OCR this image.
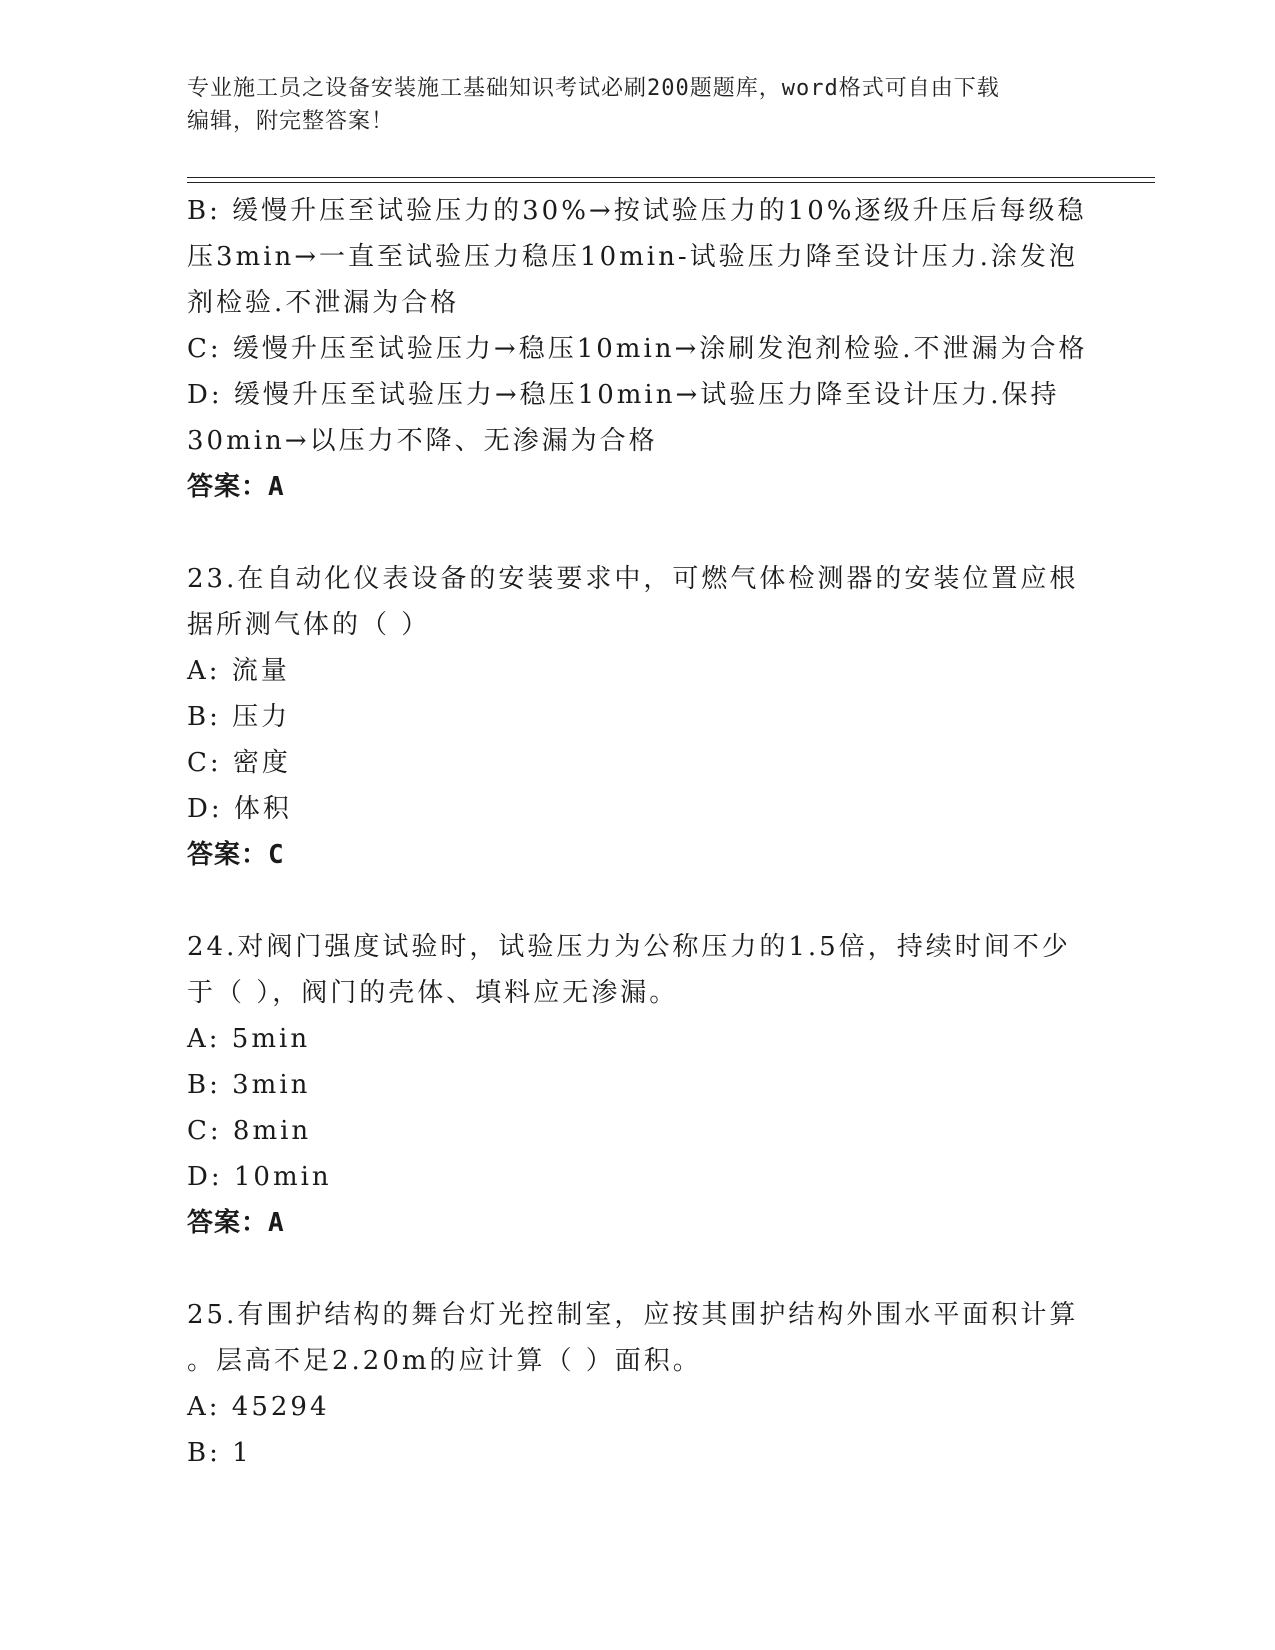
专业施工员之设备安装施工基础知识考试必刷200题题库，word格式可自由下载
编辑，附完整答案！
B: 缓慢升压至试验压力的30%→按试验压力的10%逐级升压后每级稳
压3min→一直至试验压力稳压10min-试验压力降至设计压力.涂发泡
剂检验.不泄漏为合格
C: 缓慢升压至试验压力→稳压10min→涂刷发泡剂检验.不泄漏为合格
D: 缓慢升压至试验压力→稳压10min→试验压力降至设计压力.保持
30min→以压力不降、无渗漏为合格
答案：A
23.在自动化仪表设备的安装要求中，可燃气体检测器的安装位置应根
据所测气体的（ ）
A: 流量
B: 压力
C: 密度
D: 体积
答案：C
24.对阀门强度试验时，试验压力为公称压力的1.5倍，持续时间不少
于（ ），阀门的壳体、填料应无渗漏。
A: 5min
B: 3min
C: 8min
D: 10min
答案：A
25.有围护结构的舞台灯光控制室，应按其围护结构外围水平面积计算
。层高不足2.20m的应计算（ ）面积。
A: 45294
B: 1
